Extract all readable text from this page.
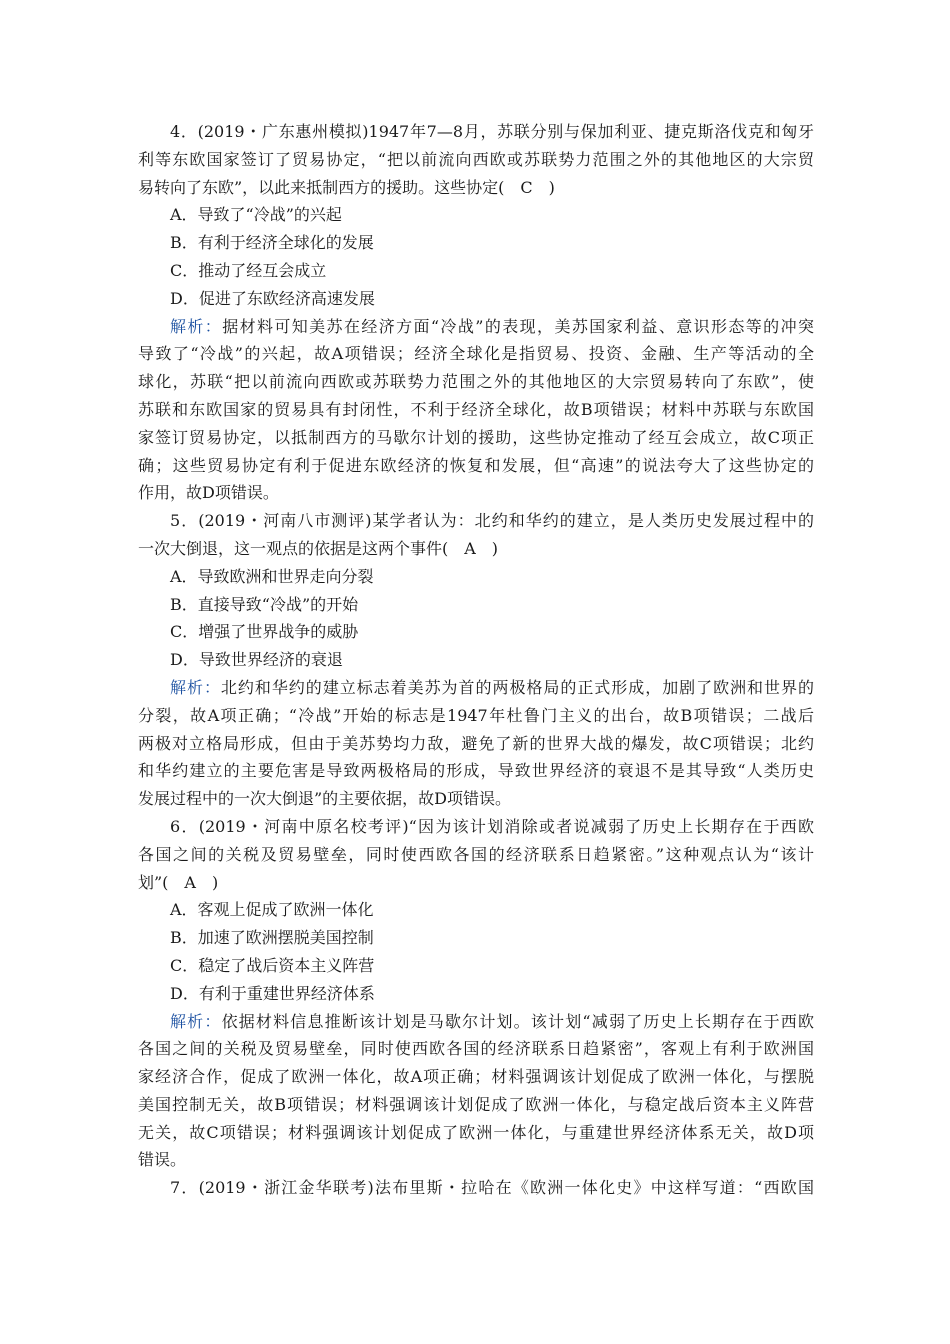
4．(2019・广东惠州模拟)1947年7—8月，苏联分别与保加利亚、捷克斯洛伐克和匈牙
利等东欧国家签订了贸易协定，“把以前流向西欧或苏联势力范围之外的其他地区的大宗贸
易转向了东欧”，以此来抵制西方的援助。这些协定(　C　)
A．导致了“冷战”的兴起
B．有利于经济全球化的发展
C．推动了经互会成立
D．促进了东欧经济高速发展
解析：据材料可知美苏在经济方面“冷战”的表现，美苏国家利益、意识形态等的冲突
导致了“冷战”的兴起，故A项错误；经济全球化是指贸易、投资、金融、生产等活动的全
球化，苏联“把以前流向西欧或苏联势力范围之外的其他地区的大宗贸易转向了东欧”，使
苏联和东欧国家的贸易具有封闭性，不利于经济全球化，故B项错误；材料中苏联与东欧国
家签订贸易协定，以抵制西方的马歇尔计划的援助，这些协定推动了经互会成立，故C项正
确；这些贸易协定有利于促进东欧经济的恢复和发展，但“高速”的说法夸大了这些协定的
作用，故D项错误。
5．(2019・河南八市测评)某学者认为：北约和华约的建立，是人类历史发展过程中的
一次大倒退，这一观点的依据是这两个事件(　A　)
A．导致欧洲和世界走向分裂
B．直接导致“冷战”的开始
C．增强了世界战争的威胁
D．导致世界经济的衰退
解析：北约和华约的建立标志着美苏为首的两极格局的正式形成，加剧了欧洲和世界的
分裂，故A项正确；“冷战”开始的标志是1947年杜鲁门主义的出台，故B项错误；二战后
两极对立格局形成，但由于美苏势均力敌，避免了新的世界大战的爆发，故C项错误；北约
和华约建立的主要危害是导致两极格局的形成，导致世界经济的衰退不是其导致“人类历史
发展过程中的一次大倒退”的主要依据，故D项错误。
6．(2019・河南中原名校考评)“因为该计划消除或者说减弱了历史上长期存在于西欧
各国之间的关税及贸易壁垒，同时使西欧各国的经济联系日趋紧密。”这种观点认为“该计
划”(　A　)
A．客观上促成了欧洲一体化
B．加速了欧洲摆脱美国控制
C．稳定了战后资本主义阵营
D．有利于重建世界经济体系
解析：依据材料信息推断该计划是马歇尔计划。该计划“减弱了历史上长期存在于西欧
各国之间的关税及贸易壁垒，同时使西欧各国的经济联系日趋紧密”，客观上有利于欧洲国
家经济合作，促成了欧洲一体化，故A项正确；材料强调该计划促成了欧洲一体化，与摆脱
美国控制无关，故B项错误；材料强调该计划促成了欧洲一体化，与稳定战后资本主义阵营
无关，故C项错误；材料强调该计划促成了欧洲一体化，与重建世界经济体系无关，故D项
错误。
7．(2019・浙江金华联考)法布里斯・拉哈在《欧洲一体化史》中这样写道：“西欧国
